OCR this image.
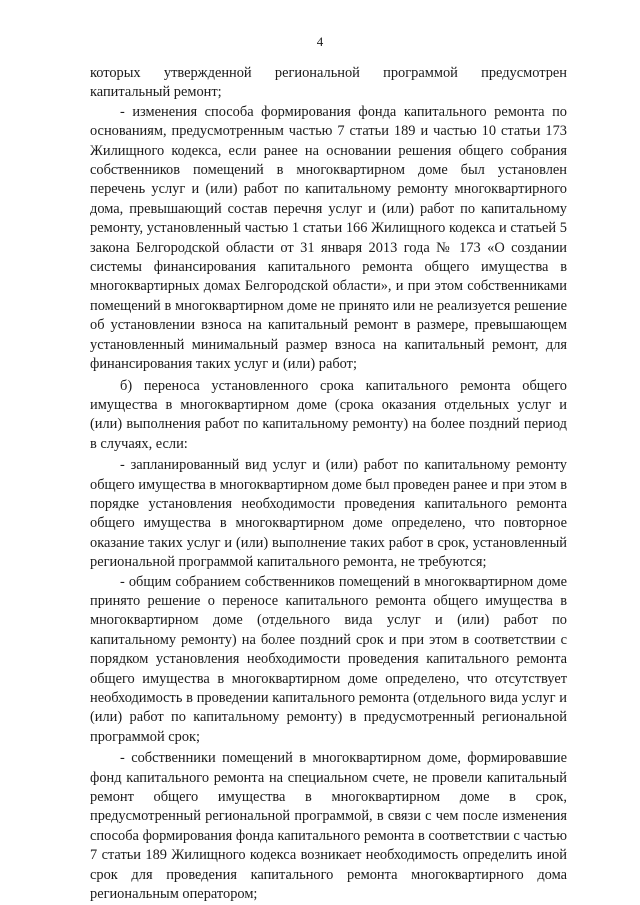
4

которых утвержденной региональной программой предусмотрен капитальный ремонт;

- изменения способа формирования фонда капитального ремонта по основаниям, предусмотренным частью 7 статьи 189 и частью 10 статьи 173 Жилищного кодекса, если ранее на основании решения общего собрания собственников помещений в многоквартирном доме был установлен перечень услуг и (или) работ по капитальному ремонту многоквартирного дома, превышающий состав перечня услуг и (или) работ по капитальному ремонту, установленный частью 1 статьи 166 Жилищного кодекса и статьей 5 закона Белгородской области от 31 января 2013 года № 173 «О создании системы финансирования капитального ремонта общего имущества в многоквартирных домах Белгородской области», и при этом собственниками помещений в многоквартирном доме не принято или не реализуется решение об установлении взноса на капитальный ремонт в размере, превышающем установленный минимальный размер взноса на капитальный ремонт, для финансирования таких услуг и (или) работ;

б) переноса установленного срока капитального ремонта общего имущества в многоквартирном доме (срока оказания отдельных услуг и (или) выполнения работ по капитальному ремонту) на более поздний период в случаях, если:

- запланированный вид услуг и (или) работ по капитальному ремонту общего имущества в многоквартирном доме был проведен ранее и при этом в порядке установления необходимости проведения капитального ремонта общего имущества в многоквартирном доме определено, что повторное оказание таких услуг и (или) выполнение таких работ в срок, установленный региональной программой капитального ремонта, не требуются;

- общим собранием собственников помещений в многоквартирном доме принято решение о переносе капитального ремонта общего имущества в многоквартирном доме (отдельного вида услуг и (или) работ по капитальному ремонту) на более поздний срок и при этом в соответствии с порядком установления необходимости проведения капитального ремонта общего имущества в многоквартирном доме определено, что отсутствует необходимость в проведении капитального ремонта (отдельного вида услуг и (или) работ по капитальному ремонту) в предусмотренный региональной программой срок;

- собственники помещений в многоквартирном доме, формировавшие фонд капитального ремонта на специальном счете, не провели капитальный ремонт общего имущества в многоквартирном доме в срок, предусмотренный региональной программой, в связи с чем после изменения способа формирования фонда капитального ремонта в соответствии с частью 7 статьи 189 Жилищного кодекса возникает необходимость определить иной срок для проведения капитального ремонта многоквартирного дома региональным оператором;
